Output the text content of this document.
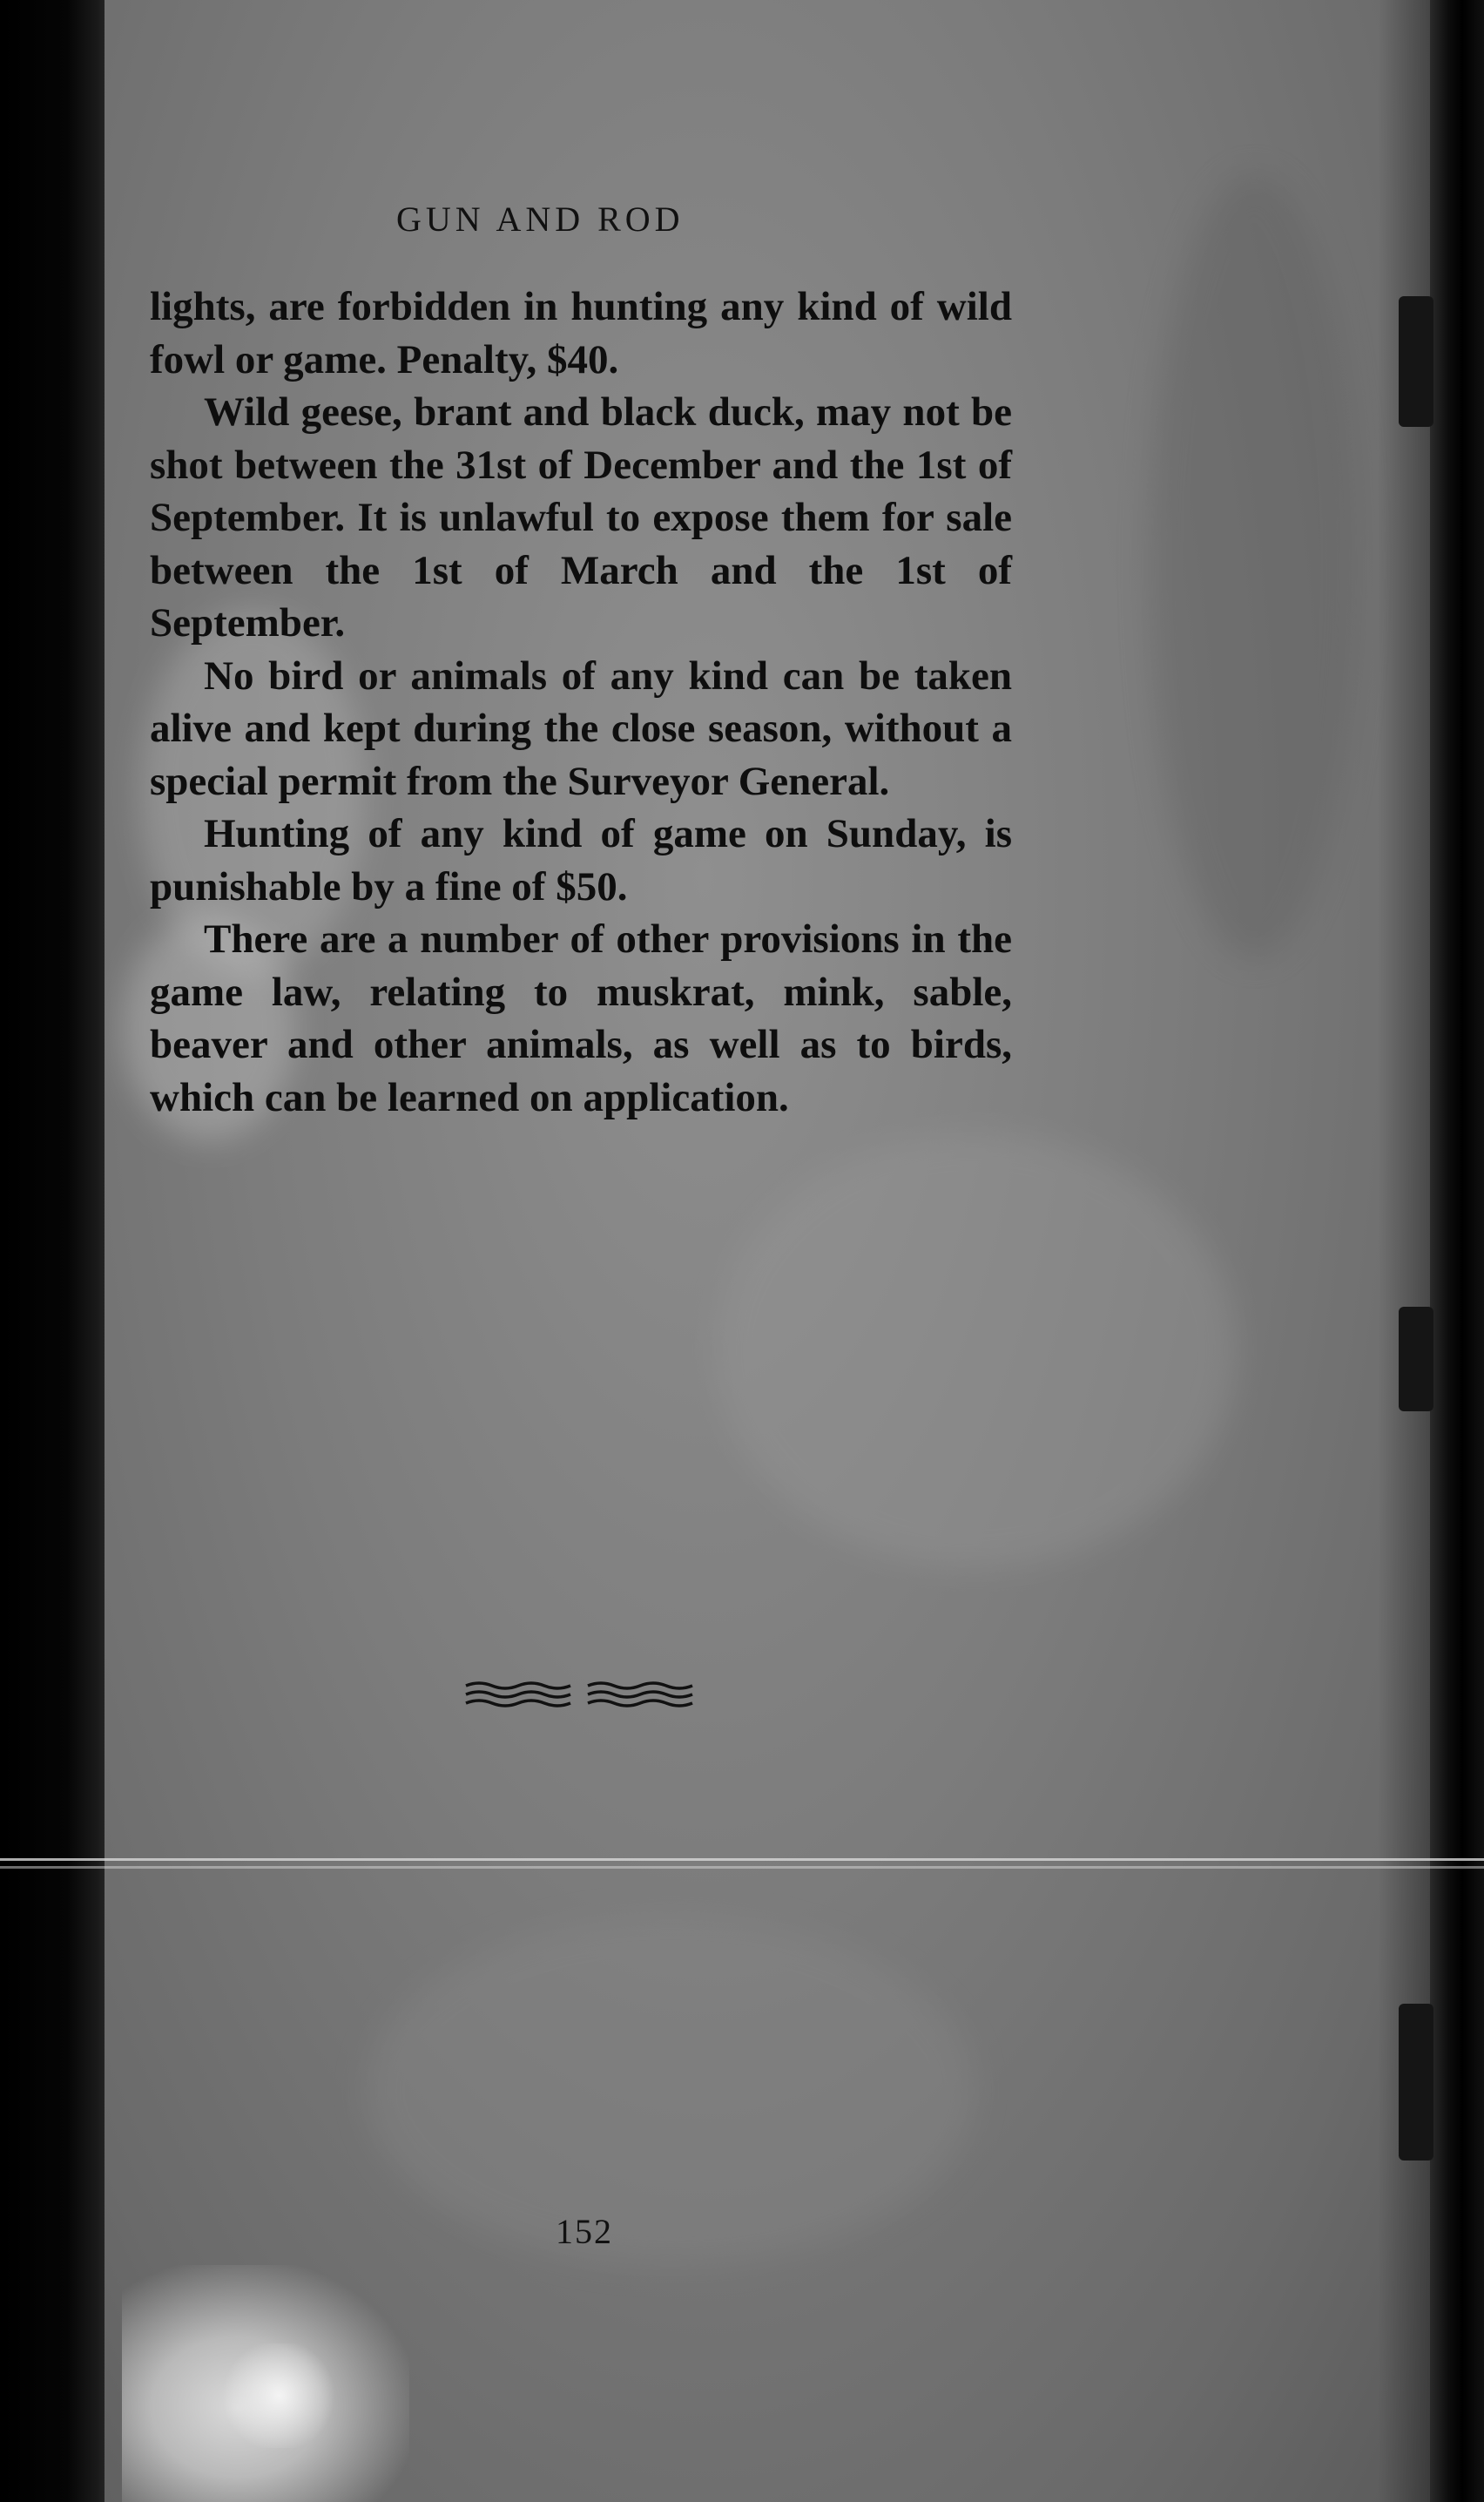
GUN AND ROD

lights, are forbidden in hunting any kind of wild fowl or game. Penalty, $40.

Wild geese, brant and black duck, may not be shot between the 31st of December and the 1st of September. It is unlawful to expose them for sale between the 1st of March and the 1st of September.

No bird or animals of any kind can be taken alive and kept during the close season, without a special permit from the Surveyor General.

Hunting of any kind of game on Sunday, is punishable by a fine of $50.

There are a number of other provisions in the game law, relating to muskrat, mink, sable, beaver and other animals, as well as to birds, which can be learned on application.

152
